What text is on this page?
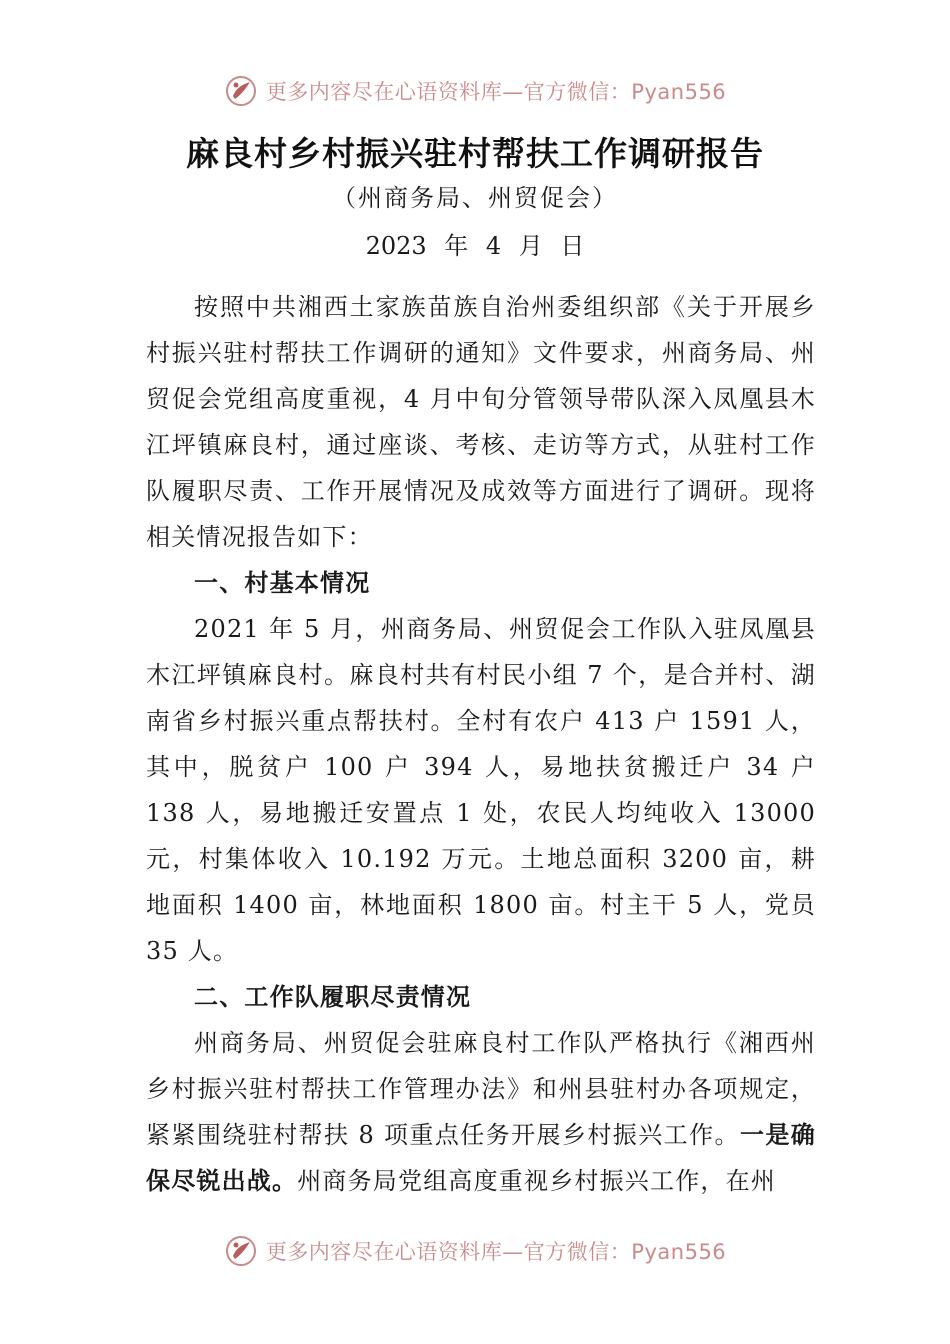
更多内容尽在心语资料库—官方微信：Pyan556
麻良村乡村振兴驻村帮扶工作调研报告
（州商务局、州贸促会）
2023 年 4 月 日

按照中共湘西土家族苗族自治州委组织部《关于开展乡村振兴驻村帮扶工作调研的通知》文件要求，州商务局、州贸促会党组高度重视，4 月中旬分管领导带队深入凤凰县木江坪镇麻良村，通过座谈、考核、走访等方式，从驻村工作队履职尽责、工作开展情况及成效等方面进行了调研。现将相关情况报告如下：

一、村基本情况

2021 年 5 月，州商务局、州贸促会工作队入驻凤凰县木江坪镇麻良村。麻良村共有村民小组 7 个，是合并村、湖南省乡村振兴重点帮扶村。全村有农户 413 户 1591 人，其中，脱贫户 100 户 394 人，易地扶贫搬迁户 34 户 138 人，易地搬迁安置点 1 处，农民人均纯收入 13000 元，村集体收入 10.192 万元。土地总面积 3200 亩，耕地面积 1400 亩，林地面积 1800 亩。村主干 5 人，党员 35 人。

二、工作队履职尽责情况

州商务局、州贸促会驻麻良村工作队严格执行《湘西州乡村振兴驻村帮扶工作管理办法》和州县驻村办各项规定，紧紧围绕驻村帮扶 8 项重点任务开展乡村振兴工作。一是确保尽锐出战。州商务局党组高度重视乡村振兴工作，在州

更多内容尽在心语资料库—官方微信：Pyan556
